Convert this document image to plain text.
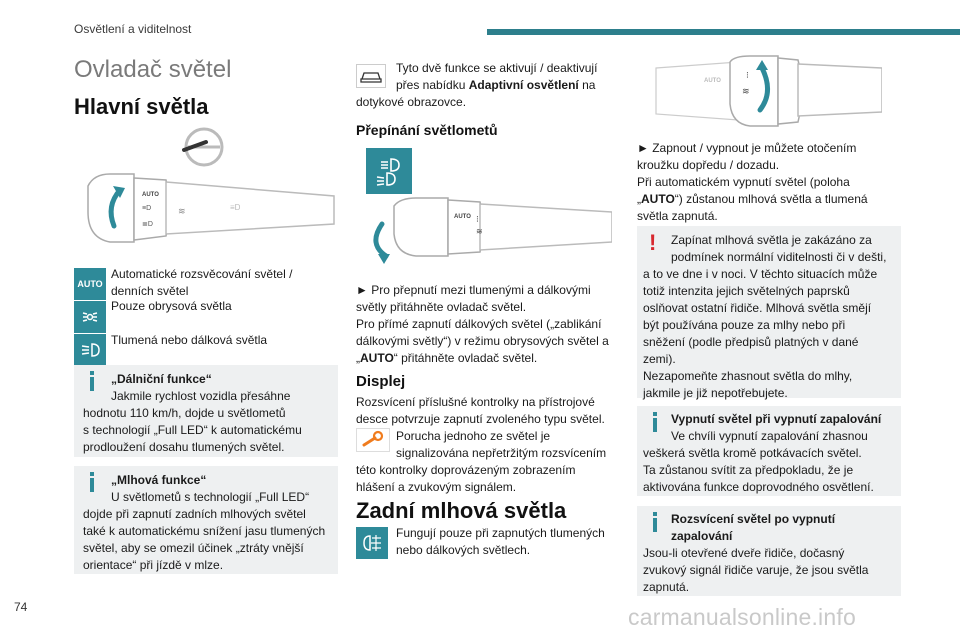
Osvětlení a viditelnost
74	carmanualsonline.info
Ovladač světel
Hlavní světla
AUTO
≡D
≣D
≋	≡D
AUTO
Automatické rozsvěcování světel /
denních světel
Pouze obrysová světla
Tlumená nebo dálková světla
„Dálniční funkce“
Jakmile rychlost vozidla přesáhne
hodnotu 110 km/h, dojde u světlometů
s technologií „Full LED“ k automatickému
prodloužení dosahu tlumených světel.
„Mlhová funkce“
U světlometů s technologií „Full LED“
dojde při zapnutí zadních mlhových světel
také k automatickému snížení jasu tlumených
světel, aby se omezil účinek „ztráty vnější
orientace“ při jízdě v mlze.
Tyto dvě funkce se aktivují / deaktivují
přes nabídku Adaptivní osvětlení na
dotykové obrazovce.
Přepínání světlometů
AUTO ⁝
≋
► Pro přepnutí mezi tlumenými a dálkovými
světly přitáhněte ovladač světel.
Pro přímé zapnutí dálkových světel („zablikání
dálkovými světly“) v režimu obrysových světel a
„AUTO“ přitáhněte ovladač světel.
Displej
Rozsvícení příslušné kontrolky na přístrojové
desce potvrzuje zapnutí zvoleného typu světel.
Porucha jednoho ze světel je
signalizována nepřetržitým rozsvícením
této kontrolky doprovázeným zobrazením
hlášení a zvukovým signálem.
Zadní mlhová světla
Fungují pouze při zapnutých tlumených
nebo dálkových světlech.
AUTO
⁝
≋
► Zapnout / vypnout je můžete otočením
kroužku dopředu / dozadu.
Při automatickém vypnutí světel (poloha
„AUTO“) zůstanou mlhová světla a tlumená
světla zapnutá.
! Zapínat mlhová světla je zakázáno za
podmínek normální viditelnosti či v dešti,
a to ve dne i v noci. V těchto situacích může
totiž intenzita jejich světelných paprsků
oslňovat ostatní řidiče. Mlhová světla smějí
být používána pouze za mlhy nebo při
sněžení (podle předpisů platných v dané
zemi).
Nezapomeňte zhasnout světla do mlhy,
jakmile je již nepotřebujete.
Vypnutí světel při vypnutí zapalování
Ve chvíli vypnutí zapalování zhasnou
veškerá světla kromě potkávacích světel.
Ta zůstanou svítit za předpokladu, že je
aktivována funkce doprovodného osvětlení.
Rozsvícení světel po vypnutí
zapalování
Jsou-li otevřené dveře řidiče, dočasný
zvukový signál řidiče varuje, že jsou světla
zapnutá.
